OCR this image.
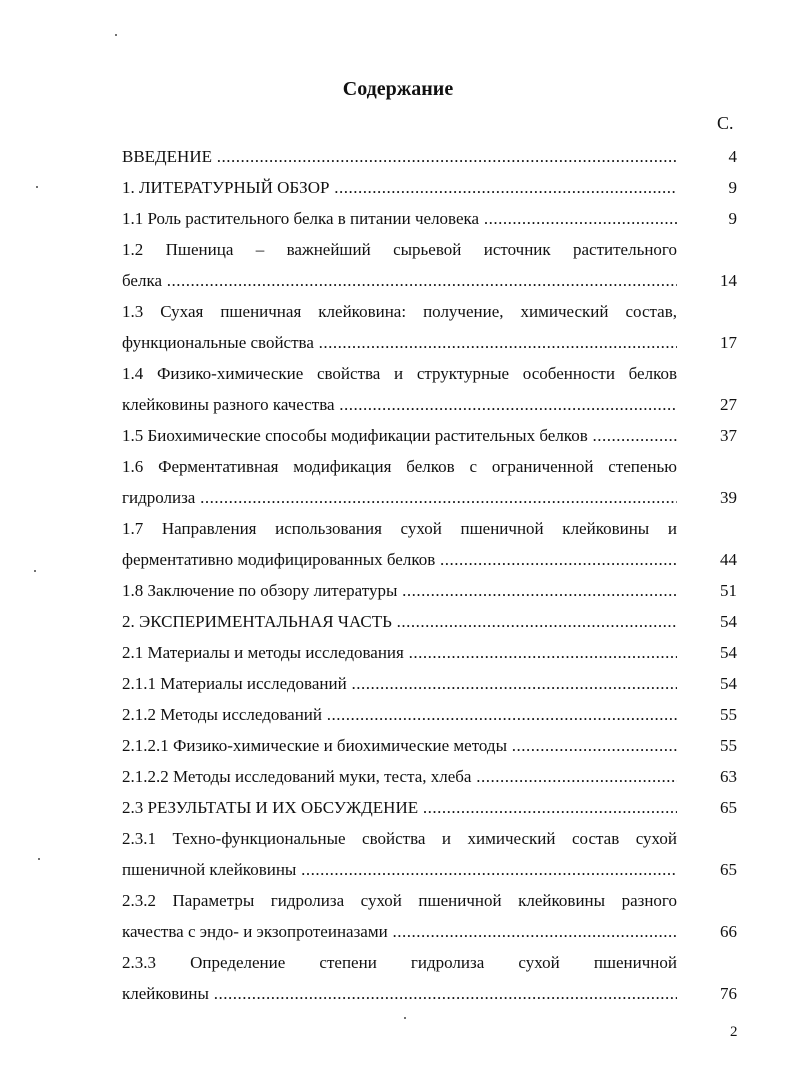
Содержание
С.
ВВЕДЕНИЕ .....	4
1. ЛИТЕРАТУРНЫЙ ОБЗОР .....	9
1.1 Роль растительного белка в питании человека .....	9
1.2 Пшеница – важнейший сырьевой источник растительного
белка .....	14
1.3 Сухая пшеничная клейковина: получение, химический состав,
функциональные свойства .....	17
1.4 Физико-химические свойства и структурные особенности белков
клейковины разного качества .....	27
1.5 Биохимические способы модификации растительных белков .....	37
1.6 Ферментативная модификация белков с ограниченной степенью
гидролиза .....	39
1.7 Направления использования сухой пшеничной клейковины и
ферментативно модифицированных белков .....	44
1.8 Заключение по обзору литературы .....	51
2. ЭКСПЕРИМЕНТАЛЬНАЯ ЧАСТЬ .....	54
2.1 Материалы и методы исследования .....	54
2.1.1 Материалы исследований .....	54
2.1.2 Методы исследований .....	55
2.1.2.1 Физико-химические и биохимические методы .....	55
2.1.2.2 Методы исследований муки, теста, хлеба .....	63
2.3 РЕЗУЛЬТАТЫ И ИХ ОБСУЖДЕНИЕ .....	65
2.3.1 Техно-функциональные свойства и химический состав сухой
пшеничной клейковины .....	65
2.3.2 Параметры гидролиза сухой пшеничной клейковины разного
качества с эндо- и экзопротеиназами .....	66
2.3.3 Определение степени гидролиза сухой пшеничной
клейковины .....	76
2
